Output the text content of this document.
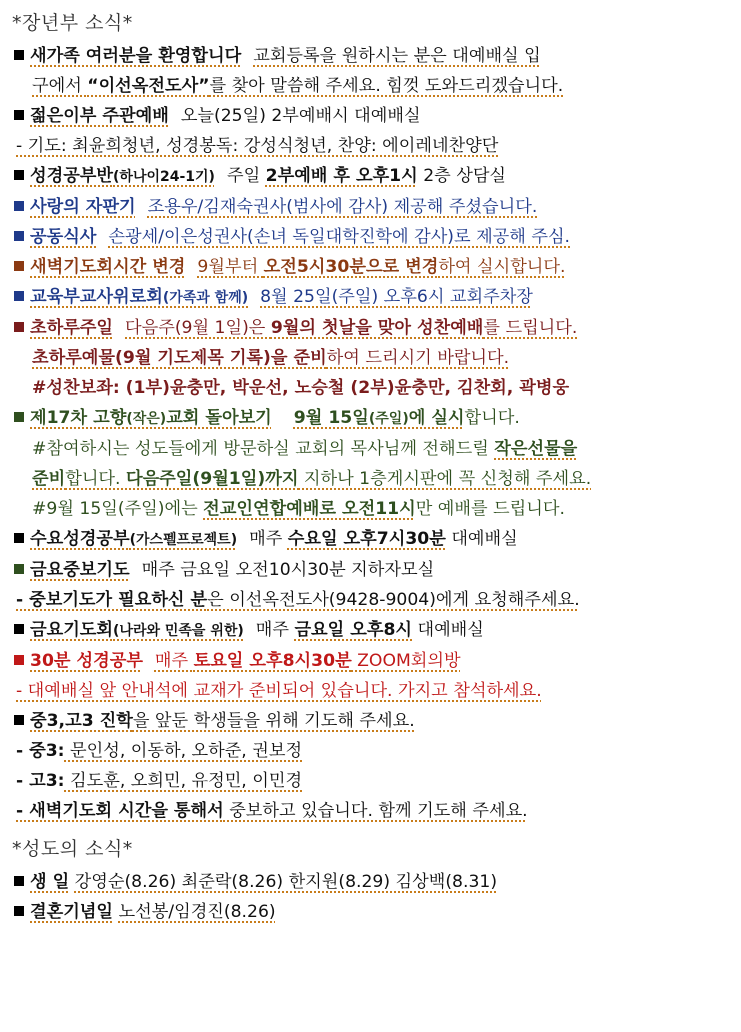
*장년부 소식*
새가족 여러분을 환영합니다 교회등록을 원하시는 분은 대예배실 입
구에서 “이선옥전도사”를 찾아 말씀해 주세요. 힘껏 도와드리겠습니다.
젊은이부 주관예배 오늘(25일) 2부예배시 대예배실
- 기도: 최윤희청년, 성경봉독: 강성식청년, 찬양: 에이레네찬양단
성경공부반(하나이24-1기) 주일 2부예배 후 오후1시 2층 상담실
사랑의 자판기 조용우/김재숙권사(범사에 감사) 제공해 주셨습니다.
공동식사 손광세/이은성권사(손녀 독일대학진학에 감사)로 제공해 주심.
새벽기도회시간 변경 9월부터 오전5시30분으로 변경하여 실시합니다.
교육부교사위로회(가족과 함께) 8월 25일(주일) 오후6시 교회주차장
초하루주일 다음주(9월 1일)은 9월의 첫날을 맞아 성찬예배를 드립니다.
초하루예물(9월 기도제목 기록)을 준비하여 드리시기 바랍니다.
#성찬보좌: (1부)윤충만, 박운선, 노승철 (2부)윤충만, 김찬회, 곽병웅
제17차 고향(작은)교회 돌아보기 9월 15일(주일)에 실시합니다.
#참여하시는 성도들에게 방문하실 교회의 목사님께 전해드릴 작은선물을
준비합니다. 다음주일(9월1일)까지 지하나 1층게시판에 꼭 신청해 주세요.
#9월 15일(주일)에는 전교인연합예배로 오전11시만 예배를 드립니다.
수요성경공부(가스펠프로젝트) 매주 수요일 오후7시30분 대예배실
금요중보기도 매주 금요일 오전10시30분 지하자모실
- 중보기도가 필요하신 분은 이선옥전도사(9428-9004)에게 요청해주세요.
금요기도회(나라와 민족을 위한) 매주 금요일 오후8시 대예배실
30분 성경공부 매주 토요일 오후8시30분 ZOOM회의방
- 대예배실 앞 안내석에 교재가 준비되어 있습니다. 가지고 참석하세요.
중3,고3 진학을 앞둔 학생들을 위해 기도해 주세요.
- 중3: 문인성, 이동하, 오하준, 권보정
- 고3: 김도훈, 오희민, 유정민, 이민경
- 새벽기도회 시간을 통해서 중보하고 있습니다. 함께 기도해 주세요.
*성도의 소식*
생 일 강영순(8.26) 최준락(8.26) 한지원(8.29) 김상백(8.31)
결혼기념일 노선봉/임경진(8.26)
